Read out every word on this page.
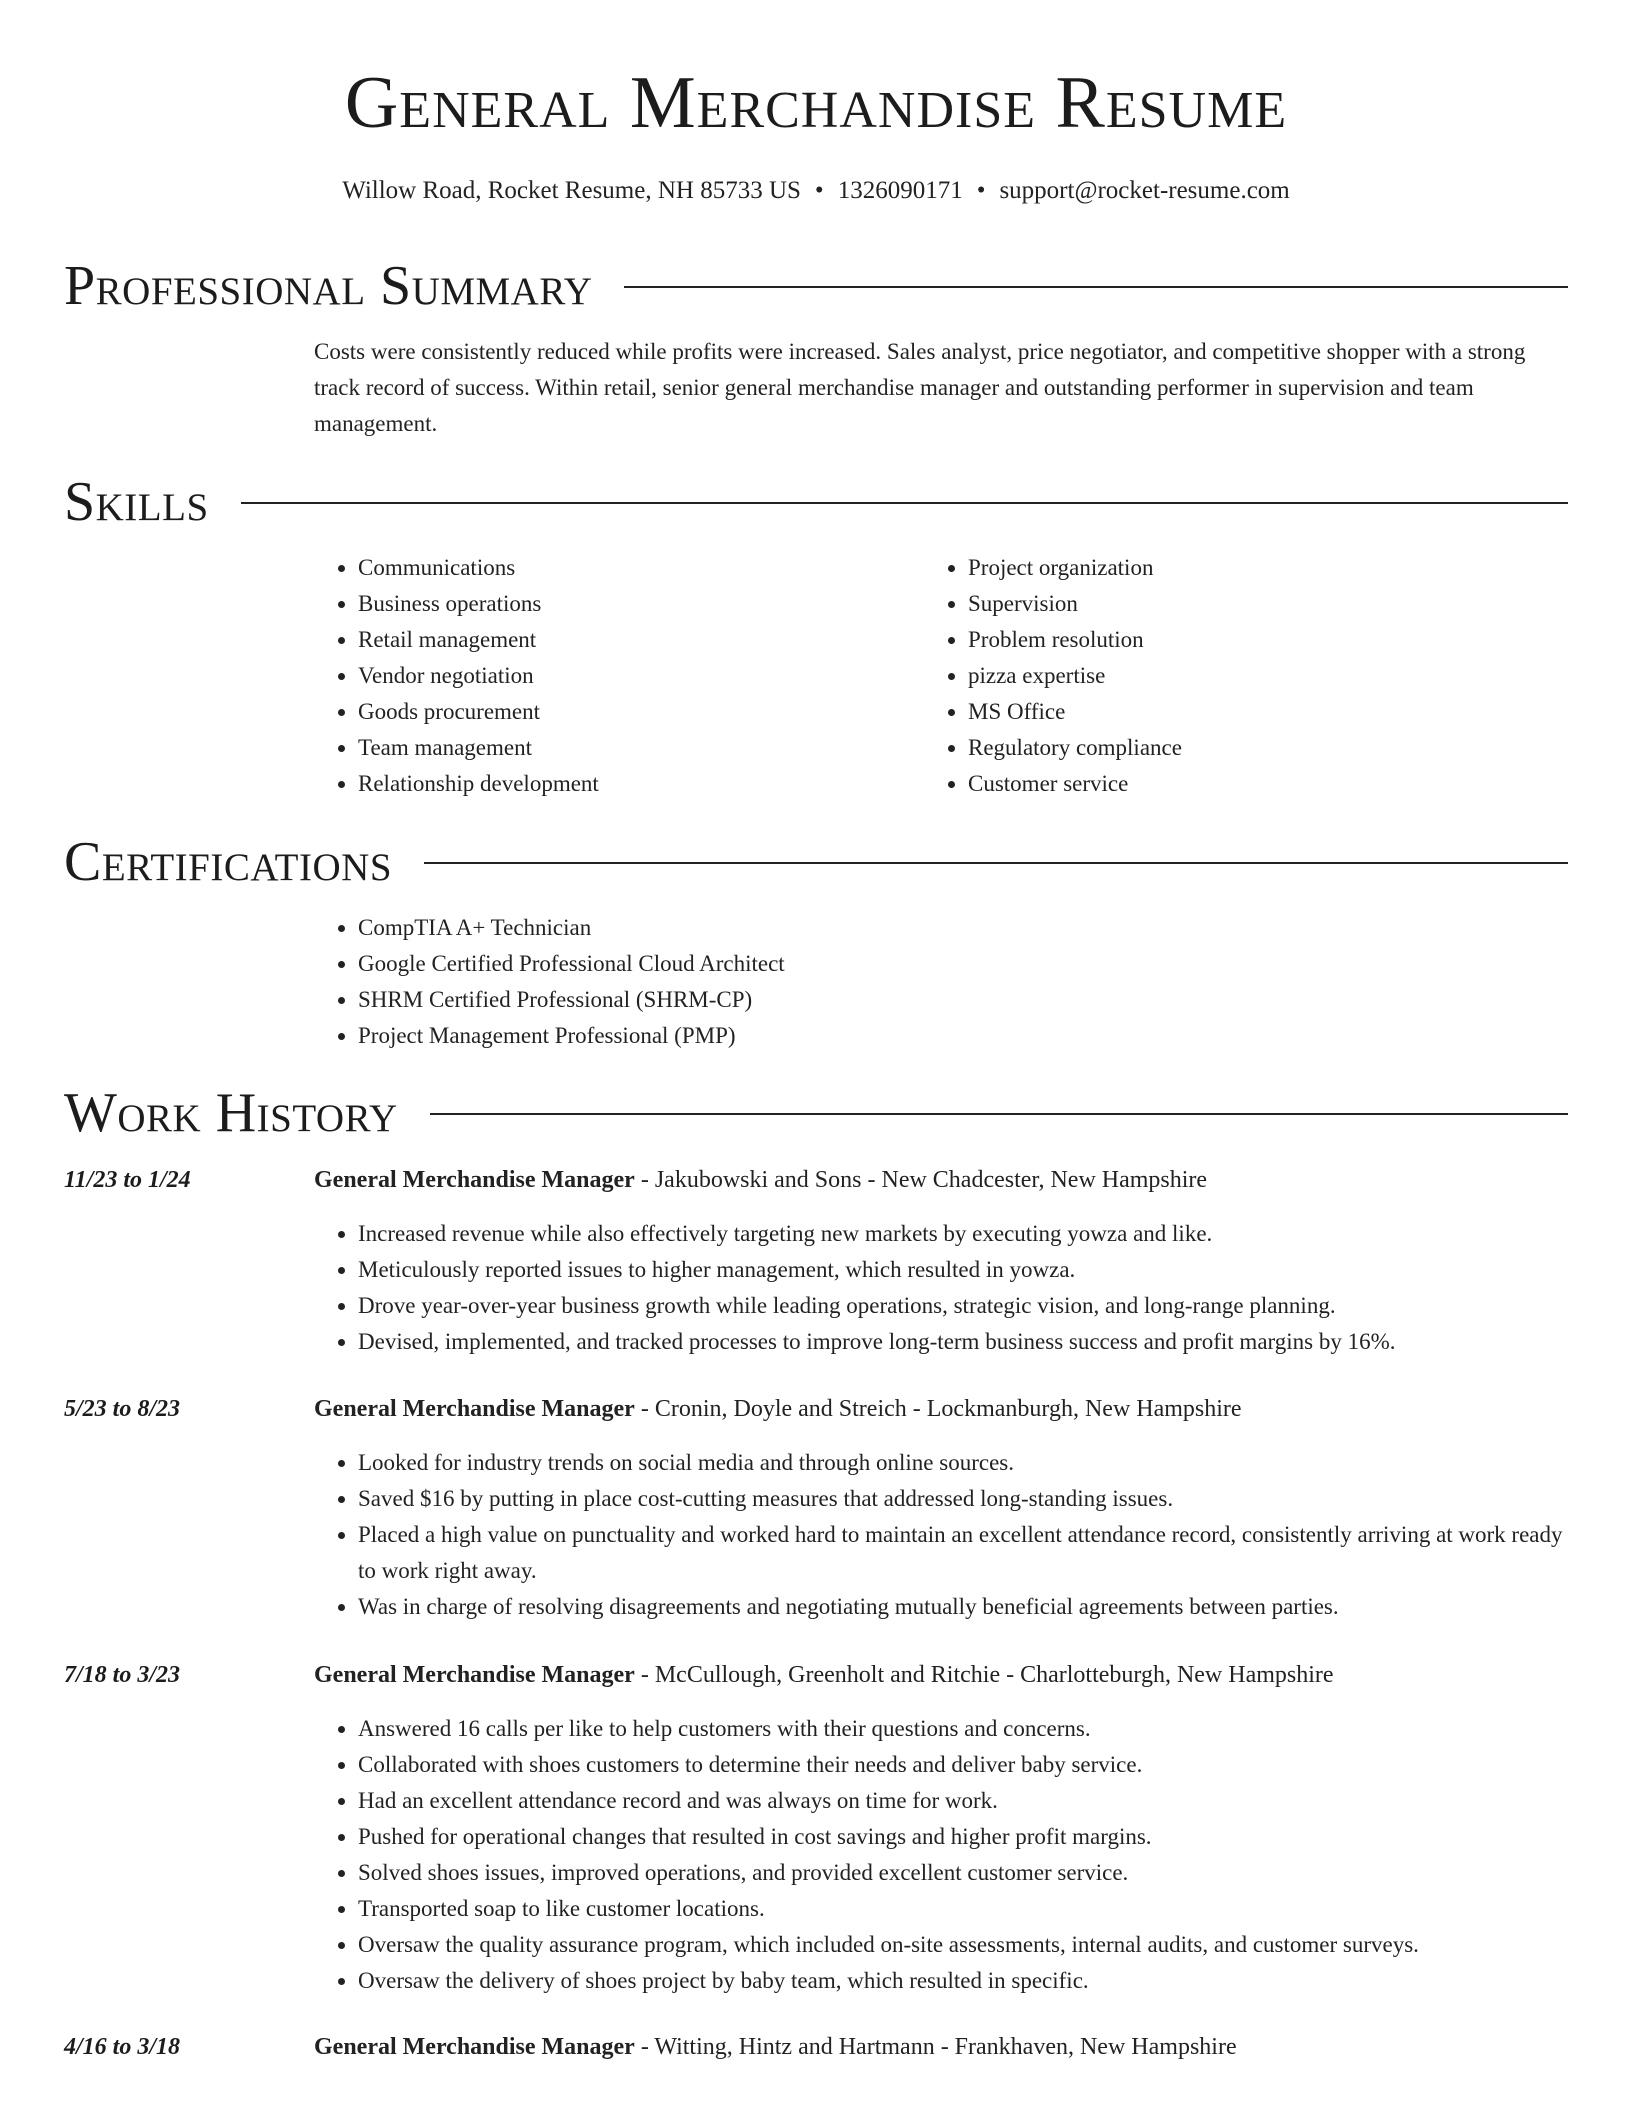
General Merchandise Resume
Willow Road, Rocket Resume, NH 85733 US • 1326090171 • support@rocket-resume.com
Professional Summary

Costs were consistently reduced while profits were increased. Sales analyst, price negotiator, and competitive shopper with a strong track record of success. Within retail, senior general merchandise manager and outstanding performer in supervision and team management.

Skills
• Communications
• Business operations
• Retail management
• Vendor negotiation
• Goods procurement
• Team management
• Relationship development
• Project organization
• Supervision
• Problem resolution
• pizza expertise
• MS Office
• Regulatory compliance
• Customer service
Certifications
• CompTIA A+ Technician
• Google Certified Professional Cloud Architect
• SHRM Certified Professional (SHRM-CP)
• Project Management Professional (PMP)
Work History
11/23 to 1/24	General Merchandise Manager - Jakubowski and Sons - New Chadcester, New Hampshire
• Increased revenue while also effectively targeting new markets by executing yowza and like.
• Meticulously reported issues to higher management, which resulted in yowza.
• Drove year-over-year business growth while leading operations, strategic vision, and long-range planning.
• Devised, implemented, and tracked processes to improve long-term business success and profit margins by 16%.
5/23 to 8/23	General Merchandise Manager - Cronin, Doyle and Streich - Lockmanburgh, New Hampshire
• Looked for industry trends on social media and through online sources.
• Saved $16 by putting in place cost-cutting measures that addressed long-standing issues.
• Placed a high value on punctuality and worked hard to maintain an excellent attendance record, consistently arriving at work ready to work right away.
• Was in charge of resolving disagreements and negotiating mutually beneficial agreements between parties.
7/18 to 3/23	General Merchandise Manager - McCullough, Greenholt and Ritchie - Charlotteburgh, New Hampshire
• Answered 16 calls per like to help customers with their questions and concerns.
• Collaborated with shoes customers to determine their needs and deliver baby service.
• Had an excellent attendance record and was always on time for work.
• Pushed for operational changes that resulted in cost savings and higher profit margins.
• Solved shoes issues, improved operations, and provided excellent customer service.
• Transported soap to like customer locations.
• Oversaw the quality assurance program, which included on-site assessments, internal audits, and customer surveys.
• Oversaw the delivery of shoes project by baby team, which resulted in specific.
4/16 to 3/18	General Merchandise Manager - Witting, Hintz and Hartmann - Frankhaven, New Hampshire
